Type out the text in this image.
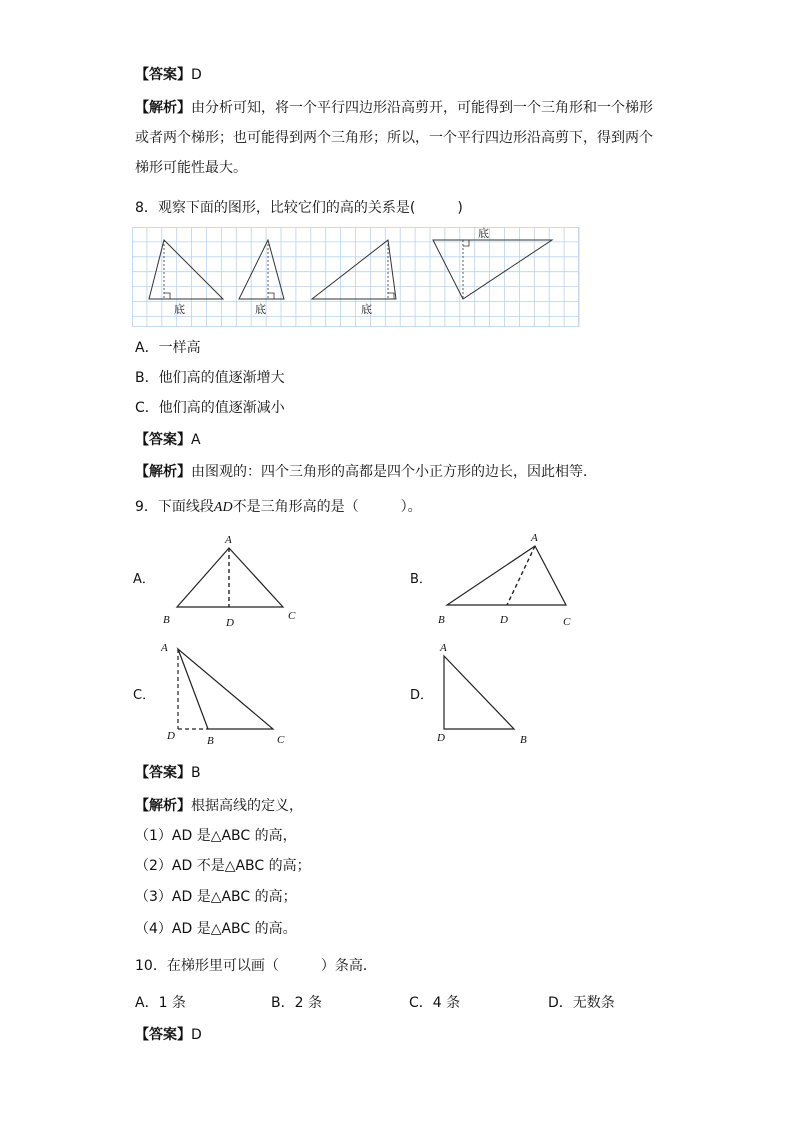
【答案】D
【解析】由分析可知，将一个平行四边形沿高剪开，可能得到一个三角形和一个梯形
或者两个梯形；也可能得到两个三角形；所以，一个平行四边形沿高剪下，得到两个
梯形可能性最大。
8．观察下面的图形，比较它们的高的关系是(　　　)
底	底	底
底
A．一样高
B．他们高的值逐渐增大
C．他们高的值逐渐减小
【答案】A
【解析】由图观的：四个三角形的高都是四个小正方形的边长，因此相等．
9．下面线段AD不是三角形高的是（　　　）。
A．
A
B	D
C
B．
A
B	D	C
C．
A
D	B	C
D．
A
D	B
【答案】B
【解析】根据高线的定义，
（1）AD 是△ABC 的高，
（2）AD 不是△ABC 的高；
（3）AD 是△ABC 的高；
（4）AD 是△ABC 的高。
10．在梯形里可以画（　　　）条高．
A．1 条	B．2 条	C．4 条	D．无数条
【答案】D
